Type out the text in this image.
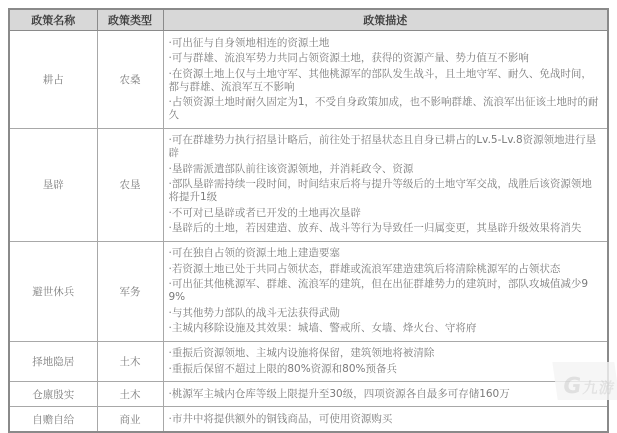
政策名称	政策类型	政策描述
耕占	农桑	·可出征与自身领地相连的资源土地
·可与群雄、流浪军势力共同占领资源土地，获得的资源产量、势力值互不影响
·在资源土地上仅与土地守军、其他桃源军的部队发生战斗，且土地守军、耐久、免战时间，都与群雄、流浪军互不影响
·占领资源土地时耐久固定为1，不受自身政策加成，也不影响群雄、流浪军出征该土地时的耐久

垦辟	农垦	·可在群雄势力执行招垦计略后，前往处于招垦状态且自身已耕占的Lv.5-Lv.8资源领地进行垦辟
·垦辟需派遣部队前往该资源领地，并消耗政令、资源
·部队垦辟需持续一段时间，时间结束后将与提升等级后的土地守军交战，战胜后该资源领地将提升1级
·不可对已垦辟或者已开发的土地再次垦辟
·垦辟后的土地，若因建造、放弃、战斗等行为导致任一归属变更，其垦辟升级效果将消失

避世休兵	军务	·可在独自占领的资源土地上建造要塞
·若资源土地已处于共同占领状态，群雄或流浪军建造建筑后将清除桃源军的占领状态
·可出征其他桃源军、群雄、流浪军的建筑，但在出征群雄势力的建筑时，部队攻城值减少99%
·与其他势力部队的战斗无法获得武勋
·主城内移除设施及其效果：城墙、警戒所、女墙、烽火台、守将府

择地隐居	土木	·重振后资源领地、主城内设施将保留，建筑领地将被清除
·重振后保留不超过上限的80%资源和80%预备兵

仓廪殷实	土木	·桃源军主城内仓库等级上限提升至30级，四项资源各自最多可存储160万

自赡自给	商业	·市井中将提供额外的铜钱商品，可使用资源购买
G
九游
